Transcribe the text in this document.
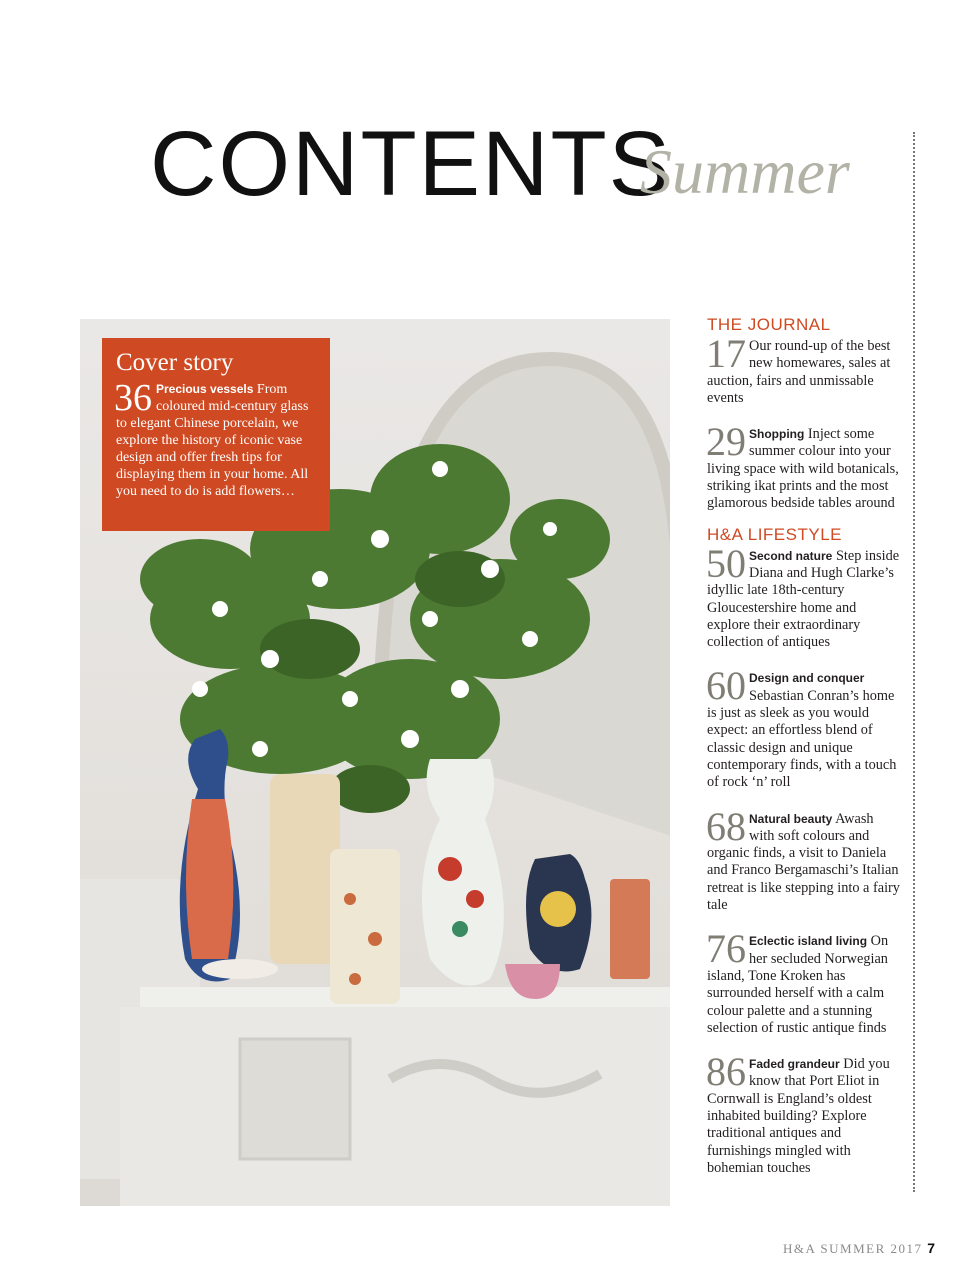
CONTENTS
Summer
Cover story
36 Precious vessels From coloured mid-century glass to elegant Chinese porcelain, we explore the history of iconic vase design and offer fresh tips for displaying them in your home. All you need to do is add flowers…
THE JOURNAL
17 Our round-up of the best new homewares, sales at auction, fairs and unmissable events
29 Shopping Inject some summer colour into your living space with wild botanicals, striking ikat prints and the most glamorous bedside tables around
H&A LIFESTYLE
50 Second nature Step inside Diana and Hugh Clarke’s idyllic late 18th-century Gloucestershire home and explore their extraordinary collection of antiques
60 Design and conquer Sebastian Conran’s home is just as sleek as you would expect: an effortless blend of classic design and unique contemporary finds, with a touch of rock ‘n’ roll
68 Natural beauty Awash with soft colours and organic finds, a visit to Daniela and Franco Bergamaschi’s Italian retreat is like stepping into a fairy tale
76 Eclectic island living On her secluded Norwegian island, Tone Kroken has surrounded herself with a calm colour palette and a stunning selection of rustic antique finds
86 Faded grandeur Did you know that Port Eliot in Cornwall is England’s oldest inhabited building? Explore traditional antiques and furnishings mingled with bohemian touches
H&A SUMMER 2017 7
